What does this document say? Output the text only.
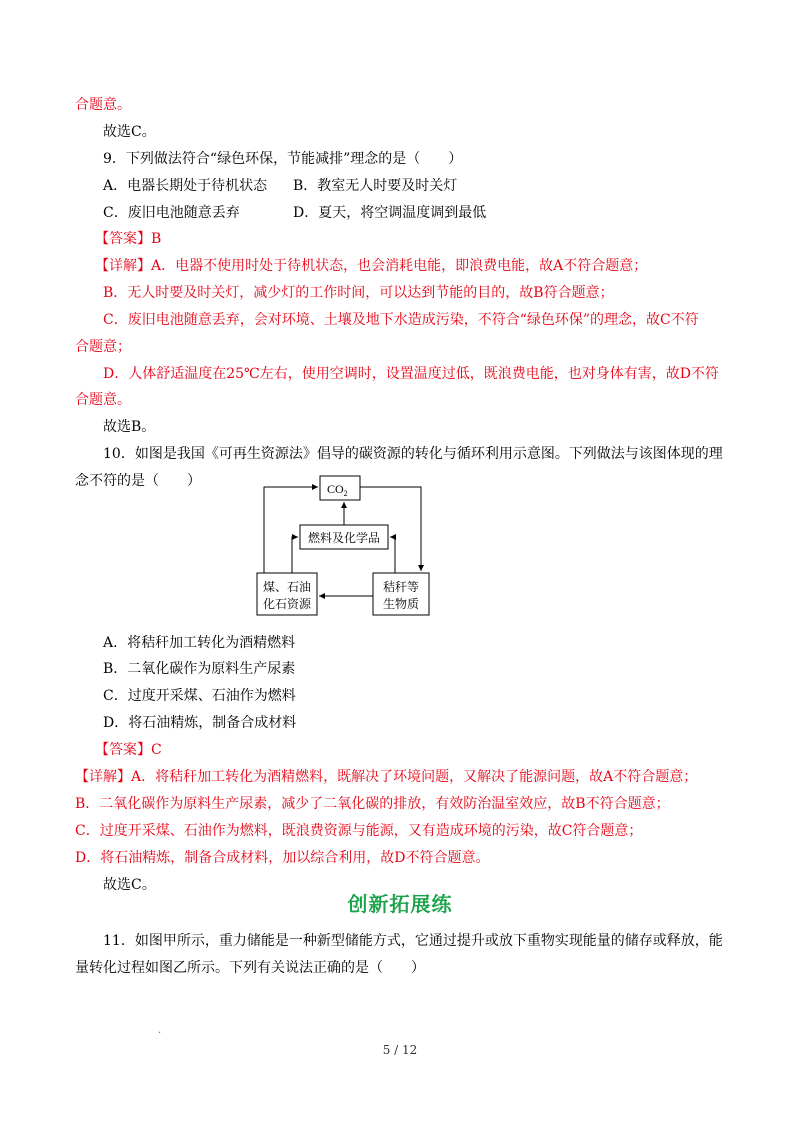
合题意。
故选C。
9．下列做法符合“绿色环保，节能减排”理念的是（　　）
A．电器长期处于待机状态 B．教室无人时要及时关灯
C．废旧电池随意丢弃	D．夏天，将空调温度调到最低
【答案】B
【详解】A．电器不使用时处于待机状态，也会消耗电能，即浪费电能，故A不符合题意；
B．无人时要及时关灯，减少灯的工作时间，可以达到节能的目的，故B符合题意；
C．废旧电池随意丢弃，会对环境、土壤及地下水造成污染，不符合“绿色环保”的理念，故C不符
合题意；
D．人体舒适温度在25℃左右，使用空调时，设置温度过低，既浪费电能，也对身体有害，故D不符
合题意。
故选B。
10．如图是我国《可再生资源法》倡导的碳资源的转化与循环利用示意图。下列做法与该图体现的理
念不符的是（　　）	$CO_2$
燃料及化学品
煤、石油
化石资源
秸秆等
生物质
A．将秸秆加工转化为酒精燃料
B．二氧化碳作为原料生产尿素
C．过度开采煤、石油作为燃料
D．将石油精炼，制备合成材料
【答案】C
【详解】A．将秸秆加工转化为酒精燃料，既解决了环境问题，又解决了能源问题，故A不符合题意；
B．二氧化碳作为原料生产尿素，减少了二氧化碳的排放，有效防治温室效应，故B不符合题意；
C．过度开采煤、石油作为燃料，既浪费资源与能源，又有造成环境的污染，故C符合题意；
D．将石油精炼，制备合成材料，加以综合利用，故D不符合题意。
故选C。
创新拓展练
11．如图甲所示，重力储能是一种新型储能方式，它通过提升或放下重物实现能量的储存或释放，能
量转化过程如图乙所示。下列有关说法正确的是（　　）
.
5 / 12
